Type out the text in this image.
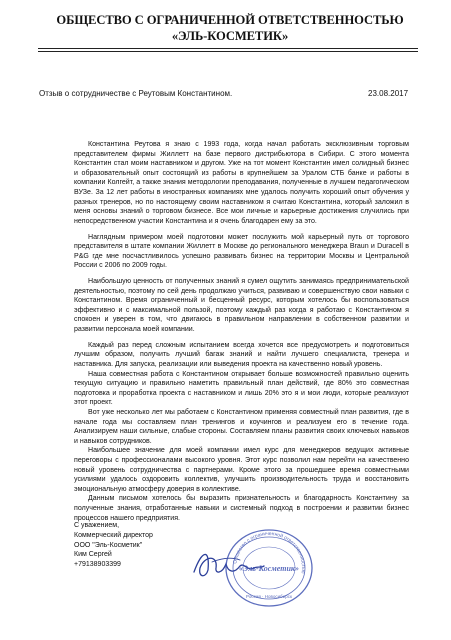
ОБЩЕСТВО С ОГРАНИЧЕННОЙ ОТВЕТСТВЕННОСТЬЮ
«ЭЛЬ-КОСМЕТИК»
Отзыв о сотрудничестве с Реутовым Константином.	23.08.2017

Константина Реутова я знаю с 1993 года, когда начал работать эксклюзивным торговым представителем фирмы Жиллетт на базе первого дистрибьютора в Сибири. С этого момента Константин стал моим наставником и другом. Уже на тот момент Константин имел солидный бизнес и образовательный опыт состоящий из работы в крупнейшем за Уралом СТБ банке и работы в компании Колгейт, а также знания методологии преподавания, полученные в лучшем педагогическом ВУЗе. За 12 лет работы в иностранных компаниях мне удалось получить хороший опыт обучения у разных тренеров, но по настоящему своим наставником я считаю Константина, который заложил в меня основы знаний о торговом бизнесе. Все мои личные и карьерные достижения случились при непосредственном участии Константина и я очень благодарен ему за это.

Наглядным примером моей подготовки может послужить мой карьерный путь от торгового представителя в штате компании Жиллетт в Москве до регионального менеджера Braun и Duracell в P&G где мне посчастливилось успешно развивать бизнес на территории Москвы и Центральной России с 2006 по 2009 годы.

Наибольшую ценность от полученных знаний я сумел ощутить занимаясь предпринимательской деятельностью, поэтому по сей день продолжаю учиться, развиваю и совершенствую свои навыки с Константином. Время ограниченный и бесценный ресурс, которым хотелось бы воспользоваться эффективно и с максимальной пользой, поэтому каждый раз когда я работаю с Константином я спокоен и уверен в том, что двигаюсь в правильном направлении в собственном развитии и развитии персонала моей компании.

Каждый раз перед сложным испытанием всегда хочется все предусмотреть и подготовиться лучшим образом, получить лучший багаж знаний и найти лучшего специалиста, тренера и наставника. Для запуска, реализации или выведения проекта на качественно новый уровень.

Наша совместная работа с Константином открывает больше возможностей правильно оценить текущую ситуацию и правильно наметить правильный план действий, где 80% это совместная подготовка и проработка проекта с наставником и лишь 20% это я и мои люди, которые реализуют этот проект.

Вот уже несколько лет мы работаем с Константином применяя совместный план развития, где в начале года мы составляем план тренингов и коучингов и реализуем его в течение года. Анализируем наши сильные, слабые стороны. Составляем планы развития своих ключевых навыков и навыков сотрудников.

Наибольшее значение для моей компании имел курс для менеджеров ведущих активные переговоры с профессионалами высокого уровня. Этот курс позволил нам перейти на качественно новый уровень сотрудничества с партнерами. Кроме этого за прошедшее время совместными усилиями удалось оздоровить коллектив, улучшить производительность труда и восстановить эмоциональную атмосферу доверия в коллективе.

Данным письмом хотелось бы выразить признательность и благодарность Константину за полученные знания, отработанные навыки и системный подход в построении и развитии бизнес процессов нашего предприятия.

С уважением,
Коммерческий директор
ООО "Эль-Косметик"
Ким Сергей
+79138903399	Общество с ограниченной ответственностью
«Эль-Косметик»
Россия · Новосибирск
